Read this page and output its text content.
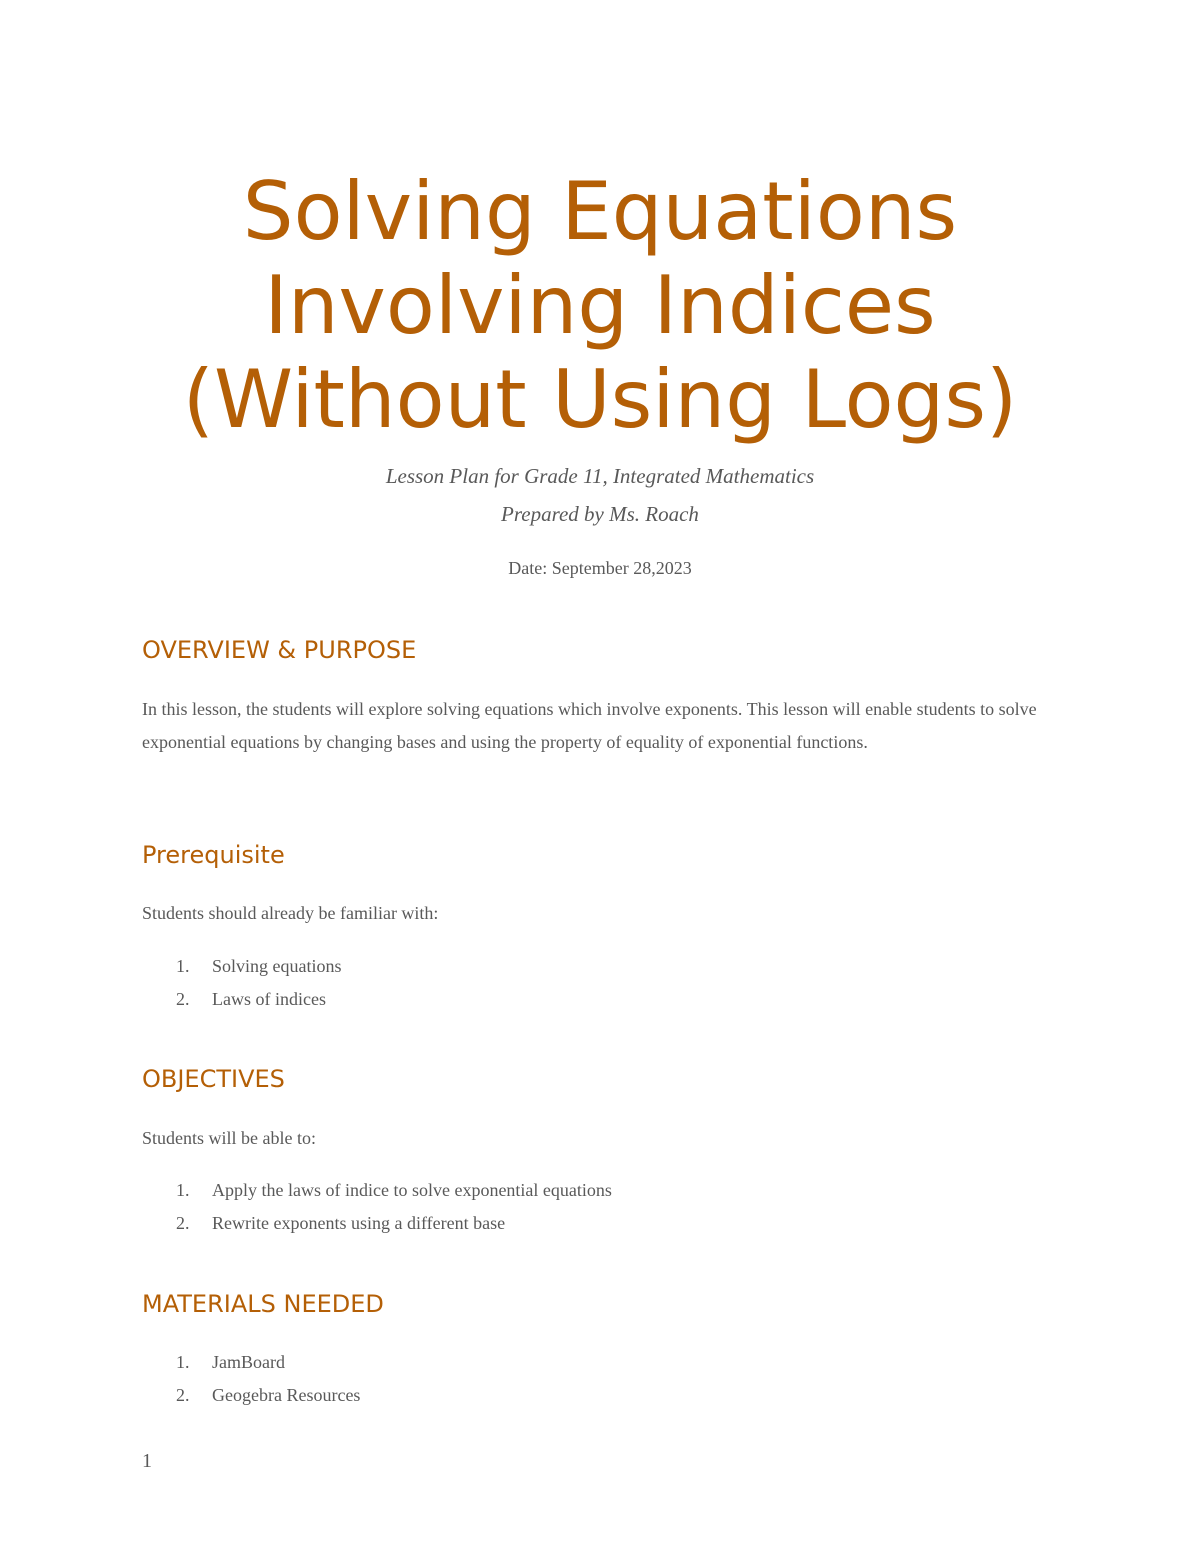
Solving Equations
Involving Indices
(Without Using Logs)
Lesson Plan for Grade 11, Integrated Mathematics
Prepared by Ms. Roach
Date: September 28,2023
OVERVIEW & PURPOSE

In this lesson, the students will explore solving equations which involve exponents. This lesson will enable students to solve exponential equations by changing bases and using the property of equality of exponential functions.

Prerequisite

Students should already be familiar with:

1. Solving equations
2. Laws of indices
OBJECTIVES

Students will be able to:

1. Apply the laws of indice to solve exponential equations
2. Rewrite exponents using a different base
MATERIALS NEEDED
1. JamBoard
2. Geogebra Resources
1
